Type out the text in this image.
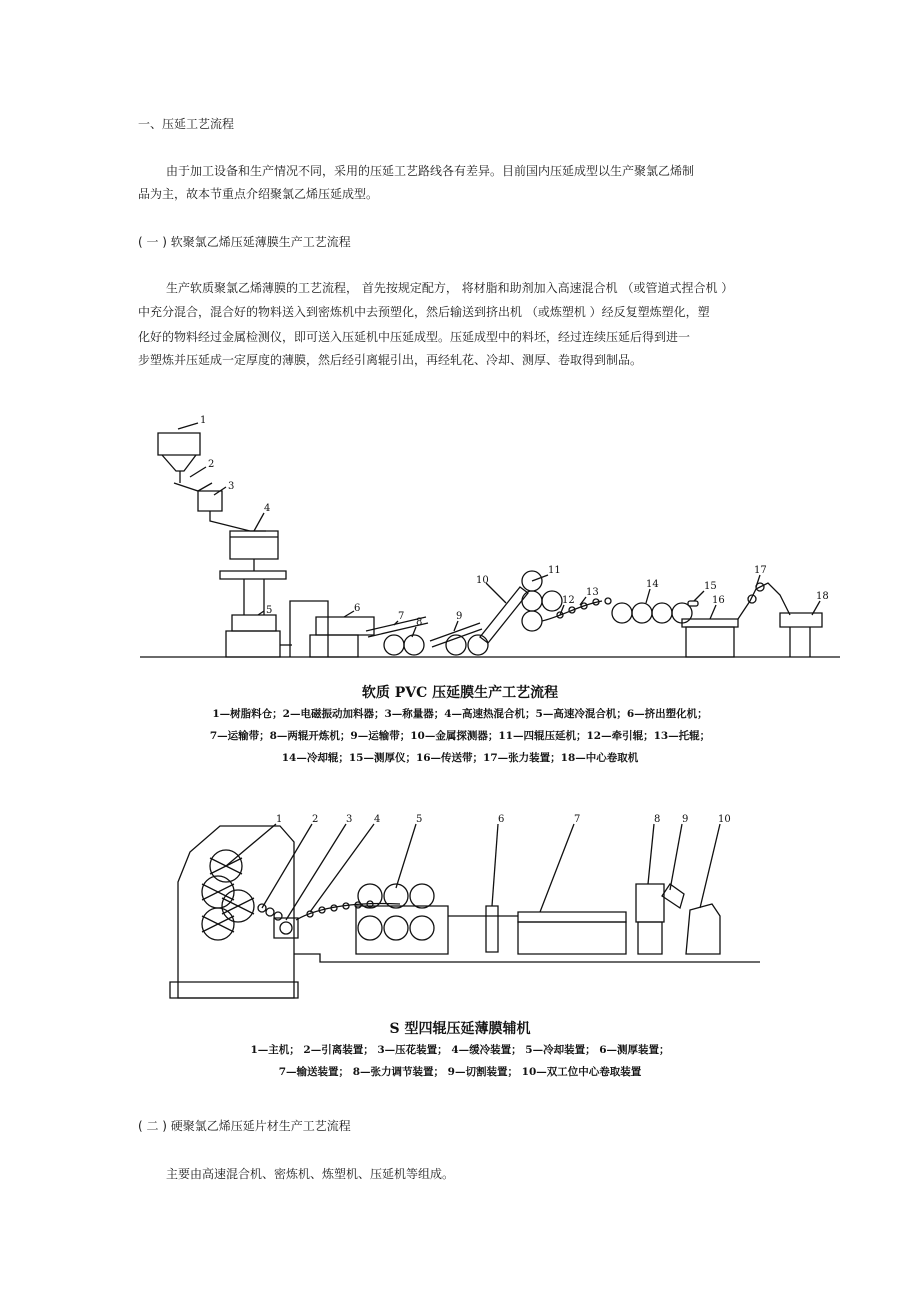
一、压延工艺流程
由于加工设备和生产情况不同，采用的压延工艺路线各有差异。目前国内压延成型以生产聚氯乙烯制
品为主，故本节重点介绍聚氯乙烯压延成型。
( 一 ) 软聚氯乙烯压延薄膜生产工艺流程
生产软质聚氯乙烯薄膜的工艺流程， 首先按规定配方， 将材脂和助剂加入高速混合机 （或管道式捏合机 ）
中充分混合，混合好的物料送入到密炼机中去预塑化，然后输送到挤出机 （或炼塑机 ）经反复塑炼塑化，塑
化好的物料经过金属检测仪，即可送入压延机中压延成型。压延成型中的料坯，经过连续压延后得到进一
步塑炼并压延成一定厚度的薄膜，然后经引离辊引出，再经轧花、冷却、测厚、卷取得到制品。
1
2
3
4
5	6
7
8
9
10
11
12
13
14	15
16
17
18
软质 PVC 压延膜生产工艺流程
1—树脂料仓；2—电磁振动加料器；3—称量器；4—高速热混合机；5—高速冷混合机；6—挤出塑化机；
7—运输带；8—两辊开炼机；9—运输带；10—金属探测器；11—四辊压延机；12—牵引辊；13—托辊；
14—冷却辊；15—测厚仪；16—传送带；17—张力装置；18—中心卷取机
1	2	3 4	5	6	7	8 9	10
S 型四辊压延薄膜辅机
1—主机； 2—引离装置； 3—压花装置； 4—缓冷装置； 5—冷却装置； 6—测厚装置；
7—输送装置； 8—张力调节装置； 9—切割装置； 10—双工位中心卷取装置
( 二 ) 硬聚氯乙烯压延片材生产工艺流程
主要由高速混合机、密炼机、炼塑机、压延机等组成。
